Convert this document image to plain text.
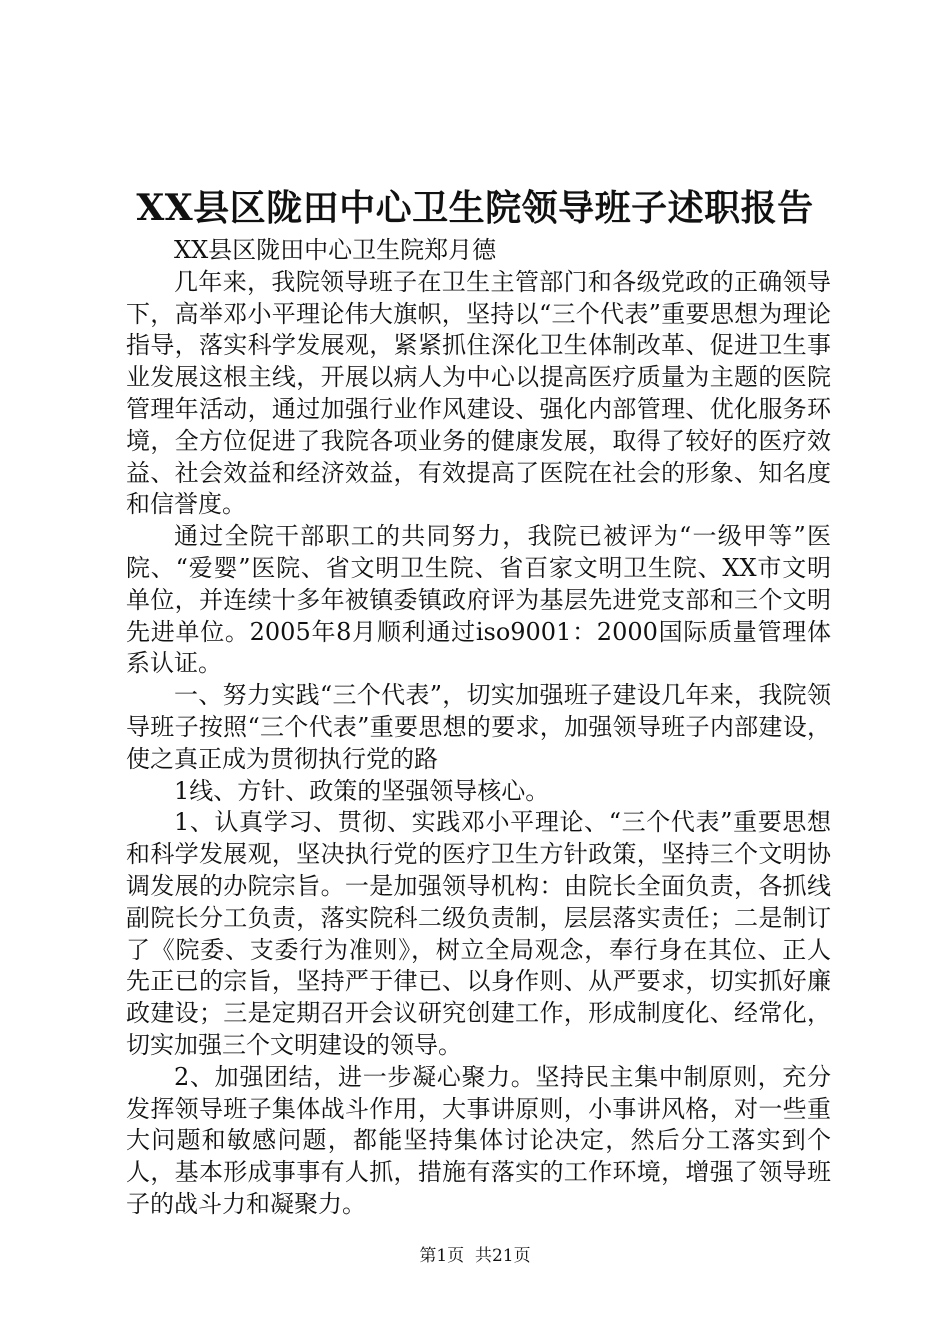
XX县区陇田中心卫生院领导班子述职报告

XX县区陇田中心卫生院郑月德

几年来，我院领导班子在卫生主管部门和各级党政的正确领导下，高举邓小平理论伟大旗帜，坚持以“三个代表”重要思想为理论指导，落实科学发展观，紧紧抓住深化卫生体制改革、促进卫生事业发展这根主线，开展以病人为中心以提高医疗质量为主题的医院管理年活动，通过加强行业作风建设、强化内部管理、优化服务环境，全方位促进了我院各项业务的健康发展，取得了较好的医疗效益、社会效益和经济效益，有效提高了医院在社会的形象、知名度和信誉度。

通过全院干部职工的共同努力，我院已被评为“一级甲等”医院、“爱婴”医院、省文明卫生院、省百家文明卫生院、XX市文明单位，并连续十多年被镇委镇政府评为基层先进党支部和三个文明先进单位。2005年8月顺利通过iso9001：2000国际质量管理体系认证。

一、努力实践“三个代表”，切实加强班子建设几年来，我院领导班子按照“三个代表”重要思想的要求，加强领导班子内部建设，使之真正成为贯彻执行党的路

1线、方针、政策的坚强领导核心。

1、认真学习、贯彻、实践邓小平理论、“三个代表”重要思想和科学发展观，坚决执行党的医疗卫生方针政策，坚持三个文明协调发展的办院宗旨。一是加强领导机构：由院长全面负责，各抓线副院长分工负责，落实院科二级负责制，层层落实责任；二是制订了《院委、支委行为准则》，树立全局观念，奉行身在其位、正人先正已的宗旨，坚持严于律已、以身作则、从严要求，切实抓好廉政建设；三是定期召开会议研究创建工作，形成制度化、经常化，切实加强三个文明建设的领导。

2、加强团结，进一步凝心聚力。坚持民主集中制原则，充分发挥领导班子集体战斗作用，大事讲原则，小事讲风格，对一些重大问题和敏感问题，都能坚持集体讨论决定，然后分工落实到个人，基本形成事事有人抓，措施有落实的工作环境，增强了领导班子的战斗力和凝聚力。

第1页  共21页
